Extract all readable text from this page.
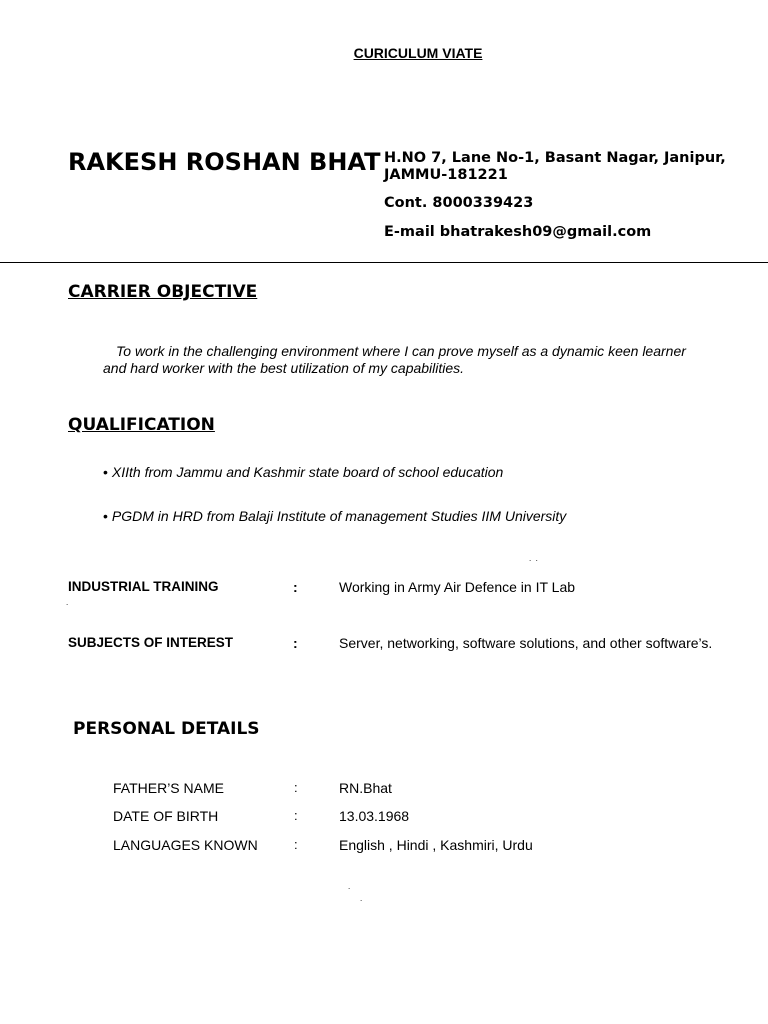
CURICULUM VIATE
RAKESH ROSHAN BHAT H.NO 7, Lane No-1, Basant Nagar, Janipur,
JAMMU-181221
Cont. 8000339423
E-mail bhatrakesh09@gmail.com
CARRIER OBJECTIVE
To work in the challenging environment where I can prove myself as a dynamic keen learner and hard worker with the best utilization of my capabilities.
QUALIFICATION
• XIIth from Jammu and Kashmir state board of school education
• PGDM in HRD from Balaji Institute of management Studies IIM University
.  .
INDUSTRIAL TRAINING	:	Working in Army Air Defence in IT Lab
.
SUBJECTS OF INTEREST	:	Server, networking, software solutions, and other software’s.
PERSONAL DETAILS
FATHER’S NAME	:	RN.Bhat
DATE OF BIRTH	:	13.03.1968
LANGUAGES KNOWN	:	English , Hindi , Kashmiri, Urdu
.
.
